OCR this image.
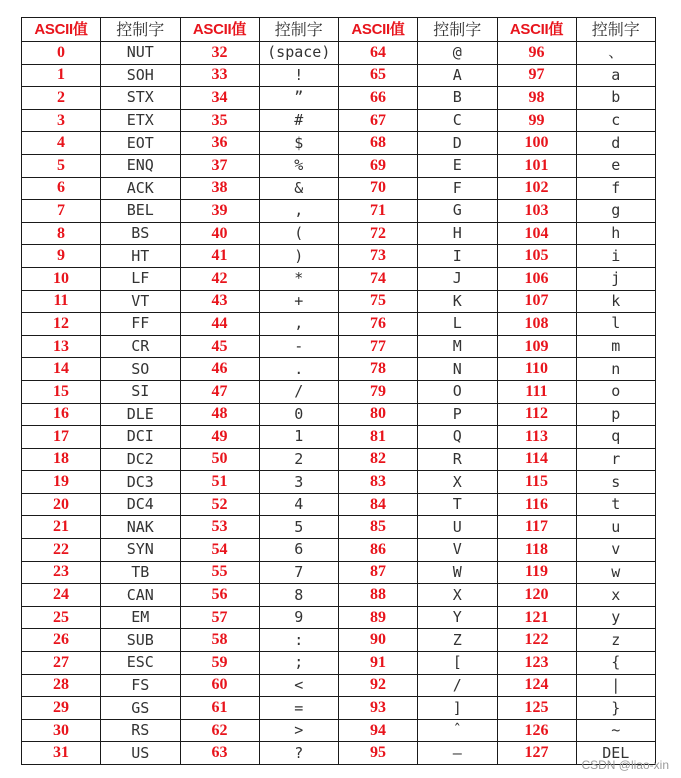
ASCII值	控制字	ASCII值	控制字	ASCII值	控制字	ASCII值	控制字
0	NUT	32	(space)	64	@	96	、
1	SOH	33	!	65	A	97	a
2	STX	34	”	66	B	98	b
3	ETX	35	#	67	C	99	c
4	EOT	36	$	68	D	100	d
5	ENQ	37	%	69	E	101	e
6	ACK	38	&	70	F	102	f
7	BEL	39	,	71	G	103	g
8	BS	40	(	72	H	104	h
9	HT	41	)	73	I	105	i
10	LF	42	*	74	J	106	j
11	VT	43	+	75	K	107	k
12	FF	44	,	76	L	108	l
13	CR	45	-	77	M	109	m
14	SO	46	.	78	N	110	n
15	SI	47	/	79	O	111	o
16	DLE	48	0	80	P	112	p
17	DCI	49	1	81	Q	113	q
18	DC2	50	2	82	R	114	r
19	DC3	51	3	83	X	115	s
20	DC4	52	4	84	T	116	t
21	NAK	53	5	85	U	117	u
22	SYN	54	6	86	V	118	v
23	TB	55	7	87	W	119	w
24	CAN	56	8	88	X	120	x
25	EM	57	9	89	Y	121	y
26	SUB	58	:	90	Z	122	z
27	ESC	59	;	91	[	123	{
28	FS	60	<	92	/	124	|
29	GS	61	=	93	]	125	}
30	RS	62	>	94	ˆ	126	~
31	US	63	?	95	—	127	DEL
CSDN @liao-xin
